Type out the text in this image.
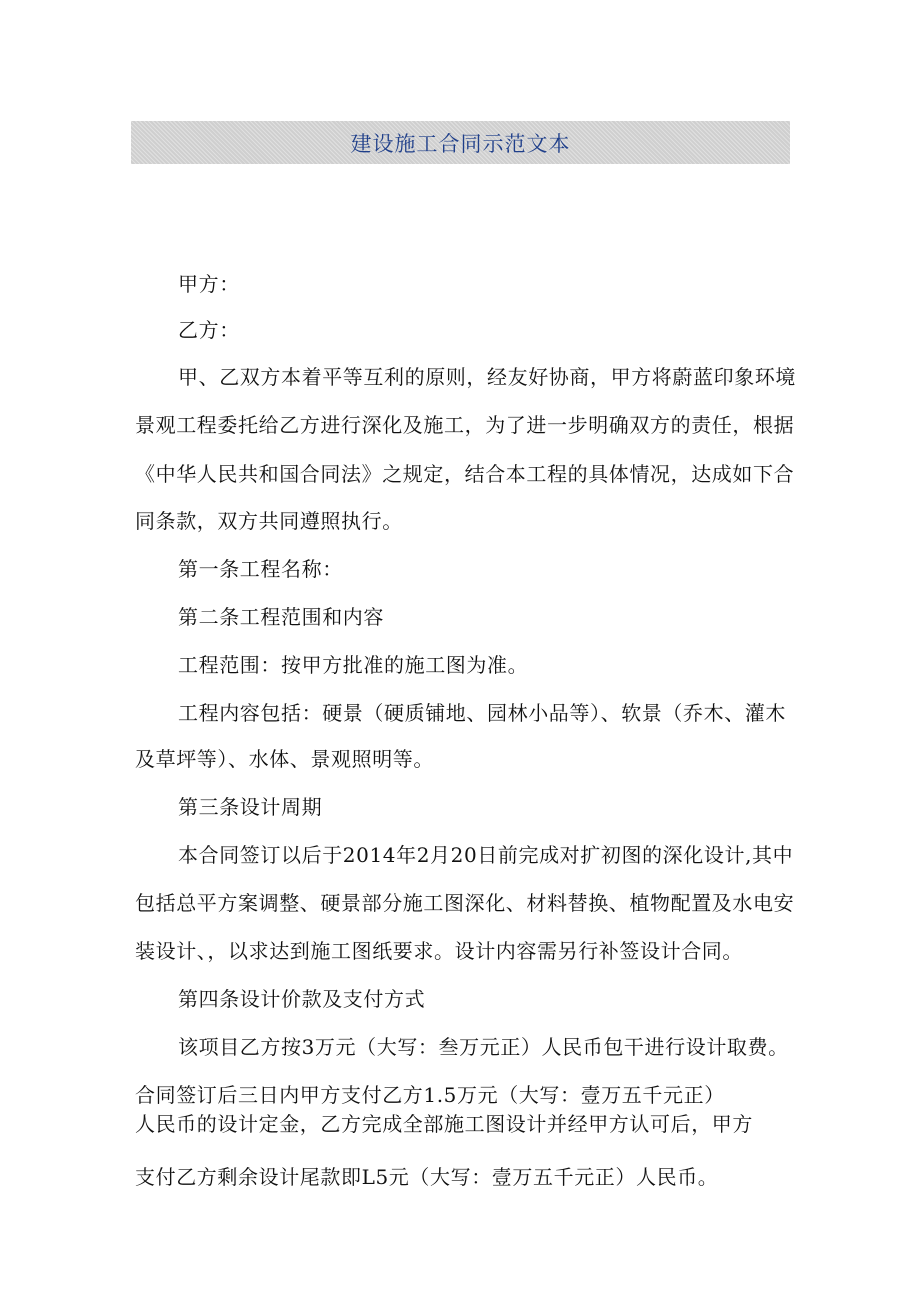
建设施工合同示范文本
甲方：
乙方：
甲、乙双方本着平等互利的原则，经友好协商，甲方将蔚蓝印象环境
景观工程委托给乙方进行深化及施工，为了进一步明确双方的责任，根据
《中华人民共和国合同法》之规定，结合本工程的具体情况，达成如下合
同条款，双方共同遵照执行。
第一条工程名称：
第二条工程范围和内容
工程范围：按甲方批准的施工图为准。
工程内容包括：硬景（硬质铺地、园林小品等）、软景（乔木、灌木
及草坪等）、水体、景观照明等。
第三条设计周期
本合同签订以后于2014年2月20日前完成对扩初图的深化设计,其中
包括总平方案调整、硬景部分施工图深化、材料替换、植物配置及水电安
装设计、，以求达到施工图纸要求。设计内容需另行补签设计合同。
第四条设计价款及支付方式
该项目乙方按3万元（大写：叁万元正）人民币包干进行设计取费。
合同签订后三日内甲方支付乙方1.5万元（大写：壹万五千元正）
人民币的设计定金，乙方完成全部施工图设计并经甲方认可后，甲方
支付乙方剩余设计尾款即L5元（大写：壹万五千元正）人民币。
